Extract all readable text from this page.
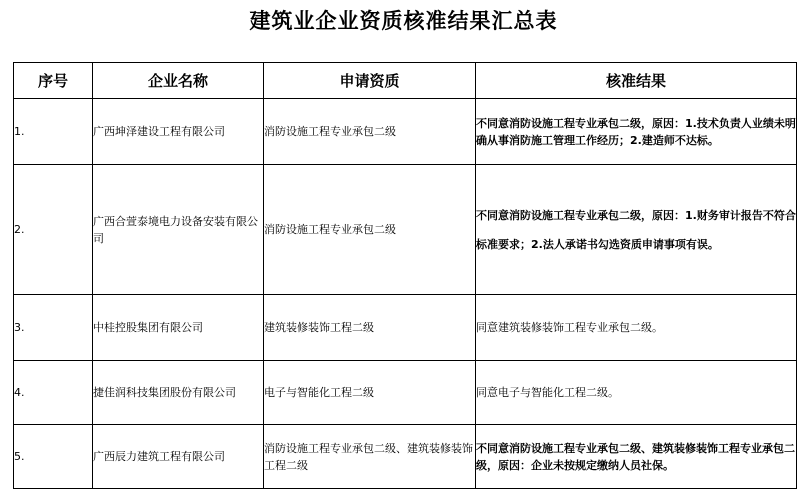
建筑业企业资质核准结果汇总表
序号	企业名称	申请资质	核准结果
1.	广西坤泽建设工程有限公司	消防设施工程专业承包二级	不同意消防设施工程专业承包二级，原因：1.技术负责人业绩未明确从事消防施工管理工作经历；2.建造师不达标。
2.	广西合萱泰境电力设备安装有限公司	消防设施工程专业承包二级	不同意消防设施工程专业承包二级，原因：1.财务审计报告不符合标准要求；2.法人承诺书勾选资质申请事项有误。
3.	中桂控股集团有限公司	建筑装修装饰工程二级	同意建筑装修装饰工程专业承包二级。
4.	捷佳润科技集团股份有限公司	电子与智能化工程二级	同意电子与智能化工程二级。
5.	广西辰力建筑工程有限公司	消防设施工程专业承包二级、建筑装修装饰工程二级	不同意消防设施工程专业承包二级、建筑装修装饰工程专业承包二级，原因：企业未按规定缴纳人员社保。
